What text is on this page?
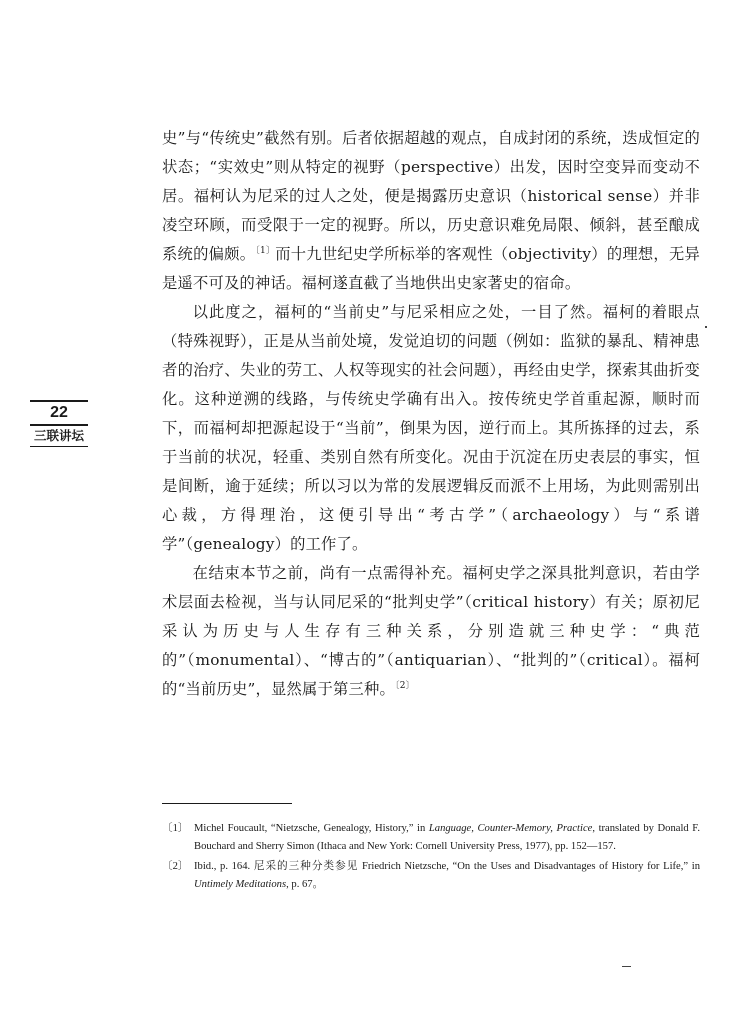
史”与“传统史”截然有别。后者依据超越的观点，自成封闭的系统，迭成恒定的状态；“实效史”则从特定的视野（perspective）出发，因时空变异而变动不居。福柯认为尼采的过人之处，便是揭露历史意识（historical sense）并非凌空环顾，而受限于一定的视野。所以，历史意识难免局限、倾斜，甚至酿成系统的偏颇。$^{〔1〕}$而十九世纪史学所标举的客观性（objectivity）的理想，无异是遥不可及的神话。福柯遂直截了当地供出史家著史的宿命。

以此度之，福柯的“当前史”与尼采相应之处，一目了然。福柯的着眼点（特殊视野），正是从当前处境，发觉迫切的问题（例如：监狱的暴乱、精神患者的治疗、失业的劳工、人权等现实的社会问题），再经由史学，探索其曲折变化。这种逆溯的线路，与传统史学确有出入。按传统史学首重起源，顺时而下，而福柯却把源起设于“当前”，倒果为因，逆行而上。其所拣择的过去，系于当前的状况，轻重、类别自然有所变化。况由于沉淀在历史表层的事实，恒是间断，逾于延续；所以习以为常的发展逻辑反而派不上用场，为此则需别出心裁，方得理治，这便引导出“考古学”（archaeology）与“系谱学”（genealogy）的工作了。

在结束本节之前，尚有一点需得补充。福柯史学之深具批判意识，若由学术层面去检视，当与认同尼采的“批判史学”（critical history）有关；原初尼采认为历史与人生存有三种关系，分别造就三种史学：“典范的”（monumental）、“博古的”（antiquarian）、“批判的”（critical）。福柯的“当前历史”，显然属于第三种。$^{〔2〕}$

22
三联讲坛
〔1〕 Michel Foucault, “Nietzsche, Genealogy, History,” in Language, Counter-Memory, Practice, translated by Donald F. Bouchard and Sherry Simon (Ithaca and New York: Cornell University Press, 1977), pp. 152—157.
〔2〕 Ibid., p. 164. 尼采的三种分类参见 Friedrich Nietzsche, “On the Uses and Disadvantages of History for Life,” in Untimely Meditations, p. 67。
